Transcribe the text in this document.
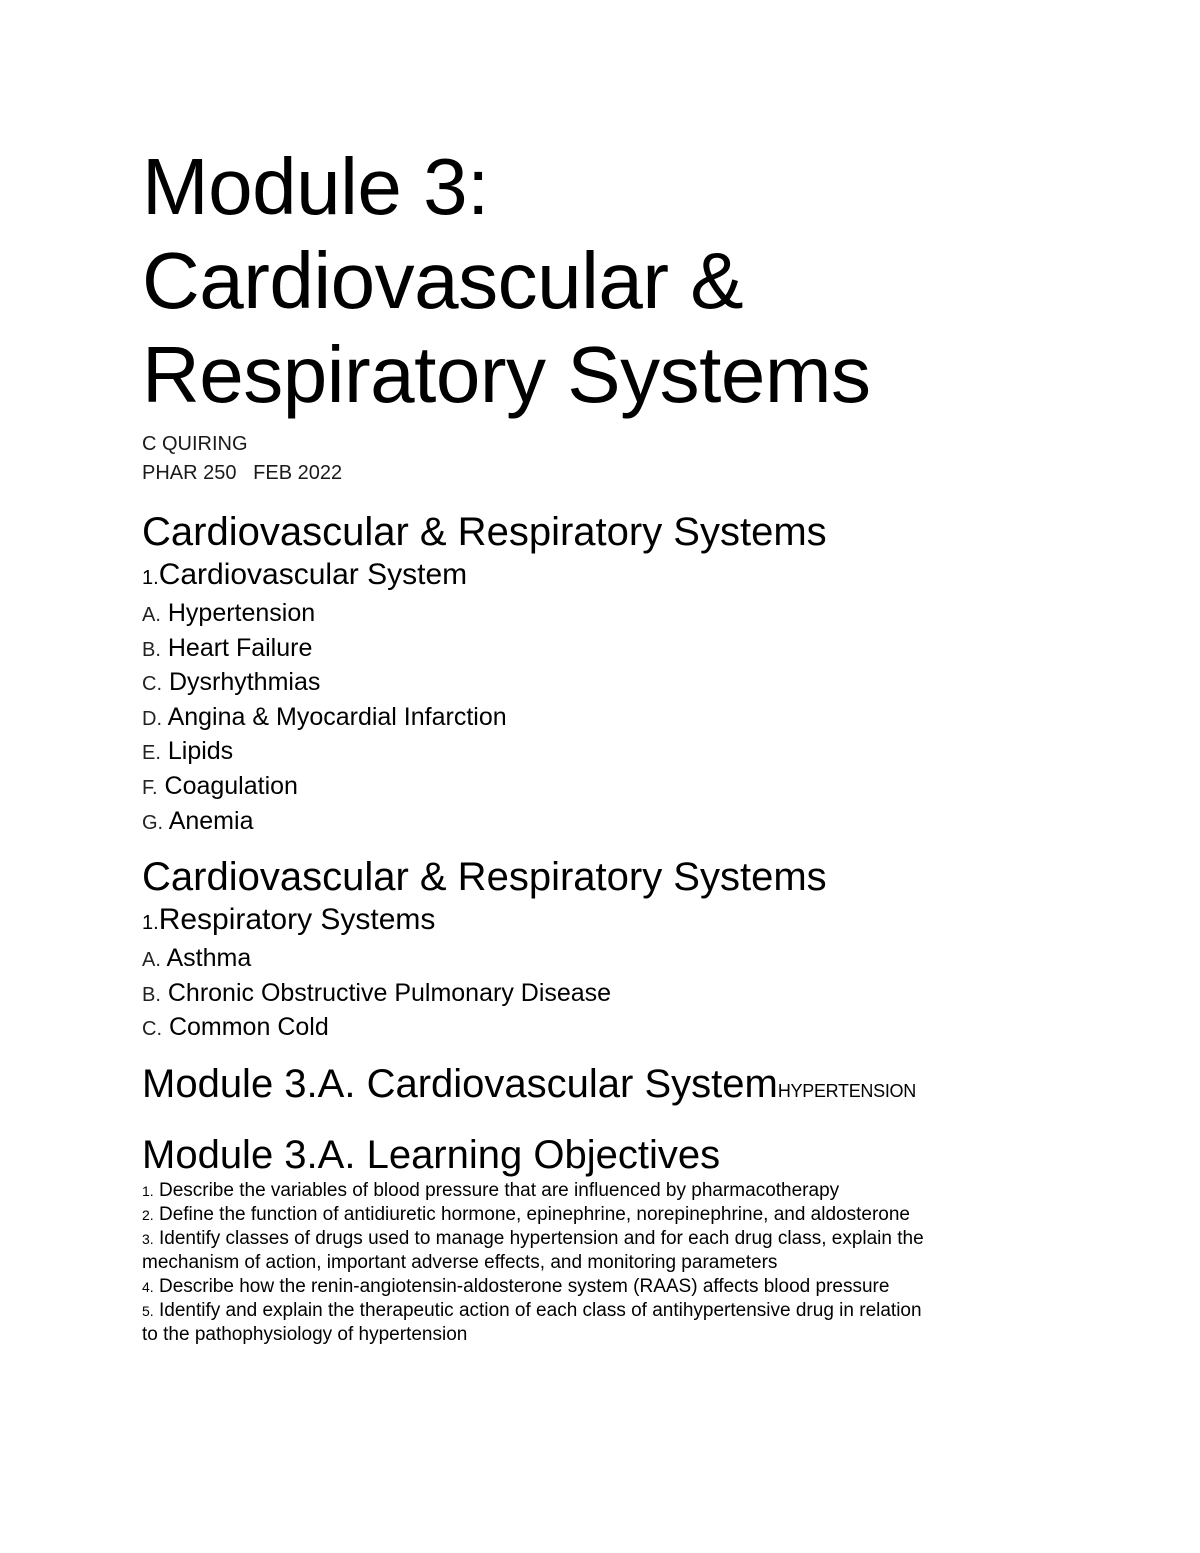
Module 3:
Cardiovascular &
Respiratory Systems
C QUIRING
PHAR 250   FEB 2022
Cardiovascular & Respiratory Systems
1.Cardiovascular System
A. Hypertension
B. Heart Failure
C. Dysrhythmias
D. Angina & Myocardial Infarction
E. Lipids
F. Coagulation
G. Anemia
Cardiovascular & Respiratory Systems
1.Respiratory Systems
A. Asthma
B. Chronic Obstructive Pulmonary Disease
C. Common Cold
Module 3.A. Cardiovascular SystemHYPERTENSION
Module 3.A. Learning Objectives
1. Describe the variables of blood pressure that are influenced by pharmacotherapy
2. Define the function of antidiuretic hormone, epinephrine, norepinephrine, and aldosterone
3. Identify classes of drugs used to manage hypertension and for each drug class, explain the mechanism of action, important adverse effects, and monitoring parameters
4. Describe how the renin-angiotensin-aldosterone system (RAAS) affects blood pressure
5. Identify and explain the therapeutic action of each class of antihypertensive drug in relation to the pathophysiology of hypertension
